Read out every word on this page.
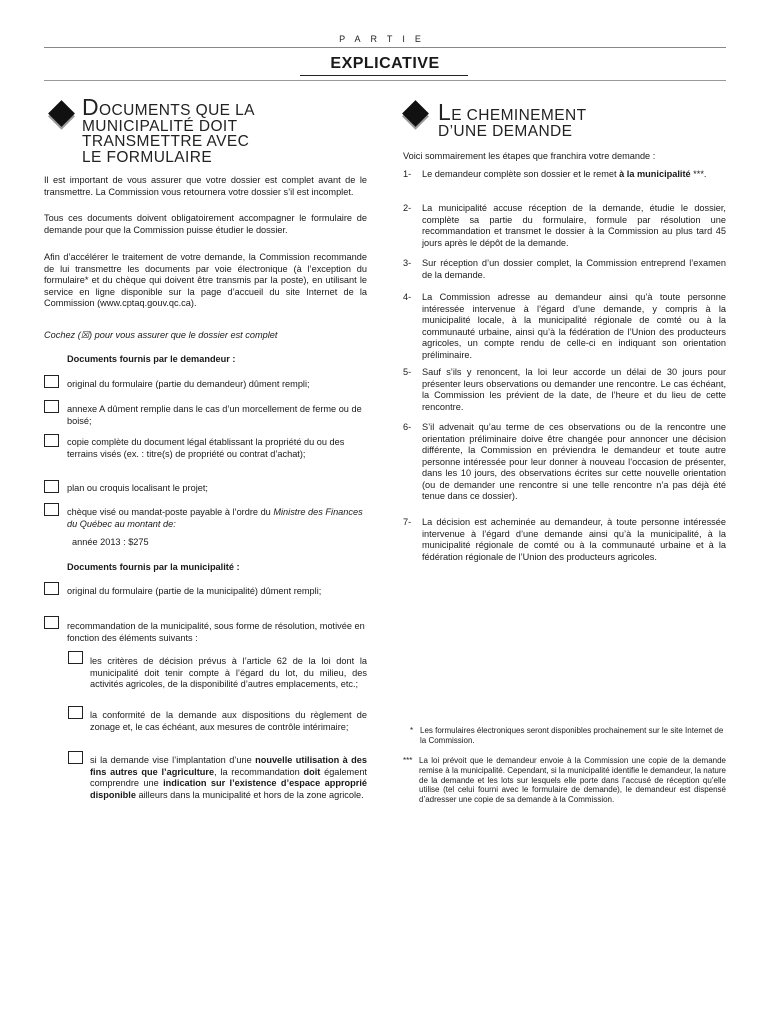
PARTIE
EXPLICATIVE
DOCUMENTS QUE LA
MUNICIPALITÉ DOIT
TRANSMETTRE AVEC
LE FORMULAIRE
Il est important de vous assurer que votre dossier est complet avant de le transmettre. La Commission vous retournera votre dossier s’il est incomplet.
Tous ces documents doivent obligatoirement accompagner le formulaire de demande pour que la Commission puisse étudier le dossier.
Afin d’accélérer le traitement de votre demande, la Commission recommande de lui transmettre les documents par voie électronique (à l’exception du formulaire* et du chèque qui doivent être transmis par la poste), en utilisant le service en ligne disponible sur la page d’accueil du site Internet de la Commission (www.cptaq.gouv.qc.ca).
Cochez (☒) pour vous assurer que le dossier est complet
Documents fournis par le demandeur :
original du formulaire (partie du demandeur) dûment rempli;
annexe A dûment remplie dans le cas d’un morcellement de ferme ou de boisé;
copie complète du document légal établissant la propriété du ou des terrains visés (ex. : titre(s) de propriété ou contrat d’achat);
plan ou croquis localisant le projet;
chèque visé ou mandat-poste payable à l’ordre du Ministre des Finances du Québec au montant de:
année 2013 : $275
Documents fournis par la municipalité :
original du formulaire (partie de la municipalité) dûment rempli;
recommandation de la municipalité, sous forme de résolution, motivée en fonction des éléments suivants :
les critères de décision prévus à l’article 62 de la loi dont la municipalité doit tenir compte à l’égard du lot, du milieu, des activités agricoles, de la disponibilité d’autres emplacements, etc.;
la conformité de la demande aux dispositions du règlement de zonage et, le cas échéant, aux mesures de contrôle intérimaire;
si la demande vise l’implantation d’une nouvelle utilisation à des fins autres que l’agriculture, la recommandation doit également comprendre une indication sur l’existence d’espace approprié disponible ailleurs dans la municipalité et hors de la zone agricole.
LE CHEMINEMENT
D’UNE DEMANDE
Voici sommairement les étapes que franchira votre demande :
1- Le demandeur complète son dossier et le remet à la municipalité ***.
2- La municipalité accuse réception de la demande, étudie le dossier, complète sa partie du formulaire, formule par résolution une recommandation et transmet le dossier à la Commission au plus tard 45 jours après le dépôt de la demande.
3- Sur réception d’un dossier complet, la Commission entreprend l’examen de la demande.
4- La Commission adresse au demandeur ainsi qu’à toute personne intéressée intervenue à l’égard d’une demande, y compris à la municipalité locale, à la municipalité régionale de comté ou à la communauté urbaine, ainsi qu’à la fédération de l’Union des producteurs agricoles, un compte rendu de celle-ci en indiquant son orientation préliminaire.
5- Sauf s’ils y renoncent, la loi leur accorde un délai de 30 jours pour présenter leurs observations ou demander une rencontre. Le cas échéant, la Commission les prévient de la date, de l’heure et du lieu de cette rencontre.
6- S’il advenait qu’au terme de ces observations ou de la rencontre une orientation préliminaire doive être changée pour annoncer une décision différente, la Commission en préviendra le demandeur et toute autre personne intéressée pour leur donner à nouveau l’occasion de présenter, dans les 10 jours, des observations écrites sur cette nouvelle orientation (ou de demander une rencontre si une telle rencontre n’a pas déjà été tenue dans ce dossier).
7- La décision est acheminée au demandeur, à toute personne intéressée intervenue à l’égard d’une demande ainsi qu’à la municipalité, à la municipalité régionale de comté ou à la communauté urbaine et à la fédération régionale de l’Union des producteurs agricoles.
* Les formulaires électroniques seront disponibles prochainement sur le site Internet de la Commission.
*** La loi prévoit que le demandeur envoie à la Commission une copie de la demande remise à la municipalité. Cependant, si la municipalité identifie le demandeur, la nature de la demande et les lots sur lesquels elle porte dans l’accusé de réception qu’elle utilise (tel celui fourni avec le formulaire de demande), le demandeur est dispensé d’adresser une copie de sa demande à la Commission.
